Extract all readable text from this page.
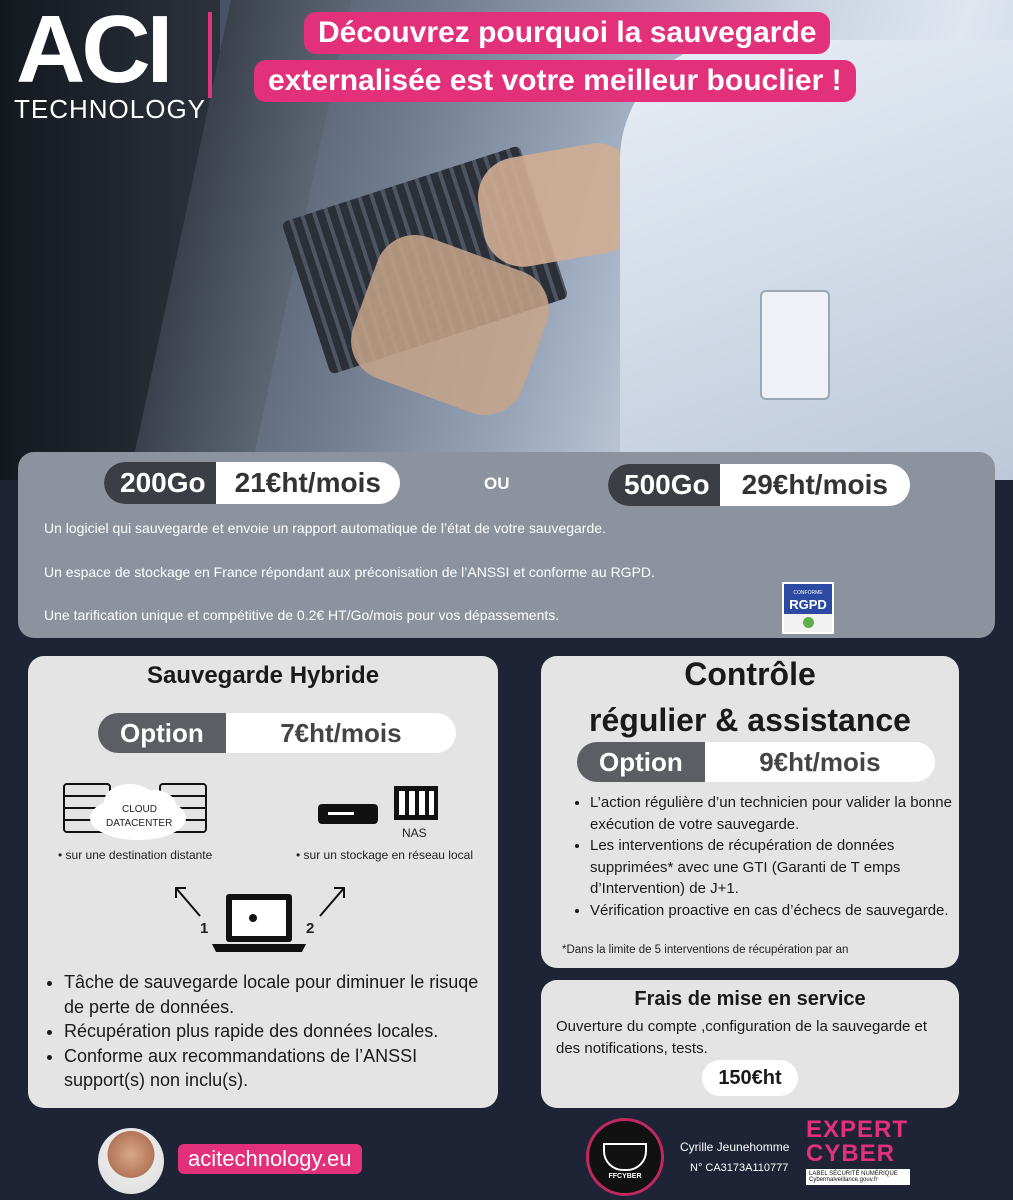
ACI
TECHNOLOGY
Découvrez pourquoi la sauvegarde
externalisée est votre meilleur bouclier !
200Go	21€ht/mois	OU	500Go	29€ht/mois
Un logiciel qui sauvegarde et envoie un rapport automatique de l’état de votre sauvegarde.
Un espace de stockage en France répondant aux préconisation de l’ANSSI et conforme au RGPD.
Une tarification unique et compétitive de 0.2€ HT/Go/mois pour vos dépassements.
CONFORME
RGPD
Sauvegarde Hybride
Option	7€ht/mois
CLOUD
DATACENTER
• sur une destination distante
NAS
• sur un stockage en réseau local
1	2
• Tâche de sauvegarde locale pour diminuer le risuqe de perte de données.
• Récupération plus rapide des données locales.
• Conforme aux recommandations de l’ANSSI support(s) non inclu(s).
Contrôle
régulier & assistance
Option	9€ht/mois
• L’action régulière d’un technicien pour valider la bonne exécution de votre sauvegarde.
• Les interventions de récupération de données supprimées* avec une GTI (Garanti de T emps d’Intervention) de J+1.
• Vérification proactive en cas d’échecs de sauvegarde.
*Dans la limite de 5 interventions de récupération par an
Frais de mise en service
Ouverture du compte ,configuration de la sauvegarde et des notifications, tests.
150€ht
acitechnology.eu
FFCYBER
Cyrille Jeunehomme
N° CA3173A110777
EXPERT
CYBER
LABEL SÉCURITÉ NUMÉRIQUE
Cybermalveillance.gouv.fr
